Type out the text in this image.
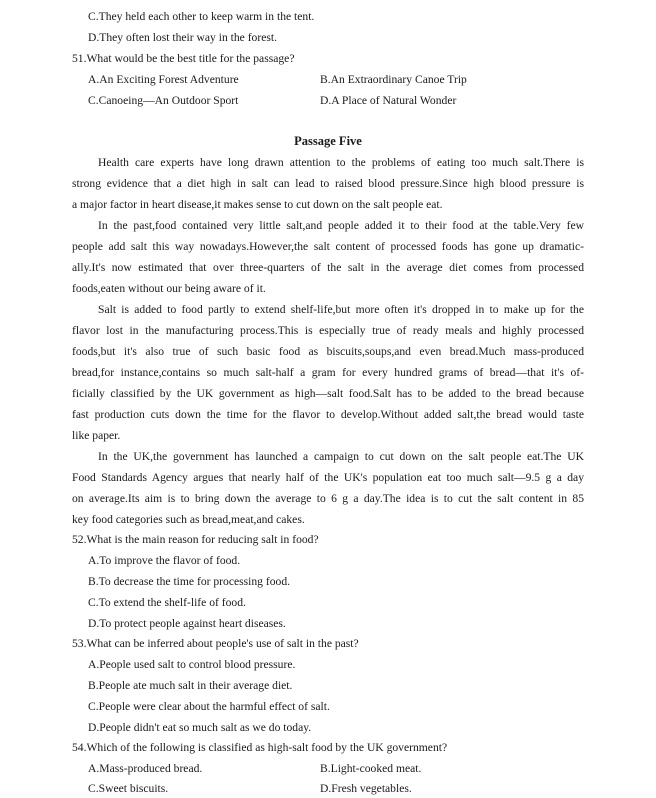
C.They held each other to keep warm in the tent.
D.They often lost their way in the forest.
51.What would be the best title for the passage?
A.An Exciting Forest Adventure	B.An Extraordinary Canoe Trip
C.Canoeing—An Outdoor Sport	D.A Place of Natural Wonder
Passage Five
Health care experts have long drawn attention to the problems of eating too much salt.There is
strong evidence that a diet high in salt can lead to raised blood pressure.Since high blood pressure is
a major factor in heart disease,it makes sense to cut down on the salt people eat.
In the past,food contained very little salt,and people added it to their food at the table.Very few
people add salt this way nowadays.However,the salt content of processed foods has gone up dramatic-
ally.It's now estimated that over three-quarters of the salt in the average diet comes from processed
foods,eaten without our being aware of it.
Salt is added to food partly to extend shelf-life,but more often it's dropped in to make up for the
flavor lost in the manufacturing process.This is especially true of ready meals and highly processed
foods,but it's also true of such basic food as biscuits,soups,and even bread.Much mass-produced
bread,for instance,contains so much salt-half a gram for every hundred grams of bread—that it's of-
ficially classified by the UK government as high—salt food.Salt has to be added to the bread because
fast production cuts down the time for the flavor to develop.Without added salt,the bread would taste
like paper.
In the UK,the government has launched a campaign to cut down on the salt people eat.The UK
Food Standards Agency argues that nearly half of the UK's population eat too much salt—9.5 g a day
on average.Its aim is to bring down the average to 6 g a day.The idea is to cut the salt content in 85
key food categories such as bread,meat,and cakes.
52.What is the main reason for reducing salt in food?
A.To improve the flavor of food.
B.To decrease the time for processing food.
C.To extend the shelf-life of food.
D.To protect people against heart diseases.
53.What can be inferred about people's use of salt in the past?
A.People used salt to control blood pressure.
B.People ate much salt in their average diet.
C.People were clear about the harmful effect of salt.
D.People didn't eat so much salt as we do today.
54.Which of the following is classified as high-salt food by the UK government?
A.Mass-produced bread.	B.Light-cooked meat.
C.Sweet biscuits.	D.Fresh vegetables.
